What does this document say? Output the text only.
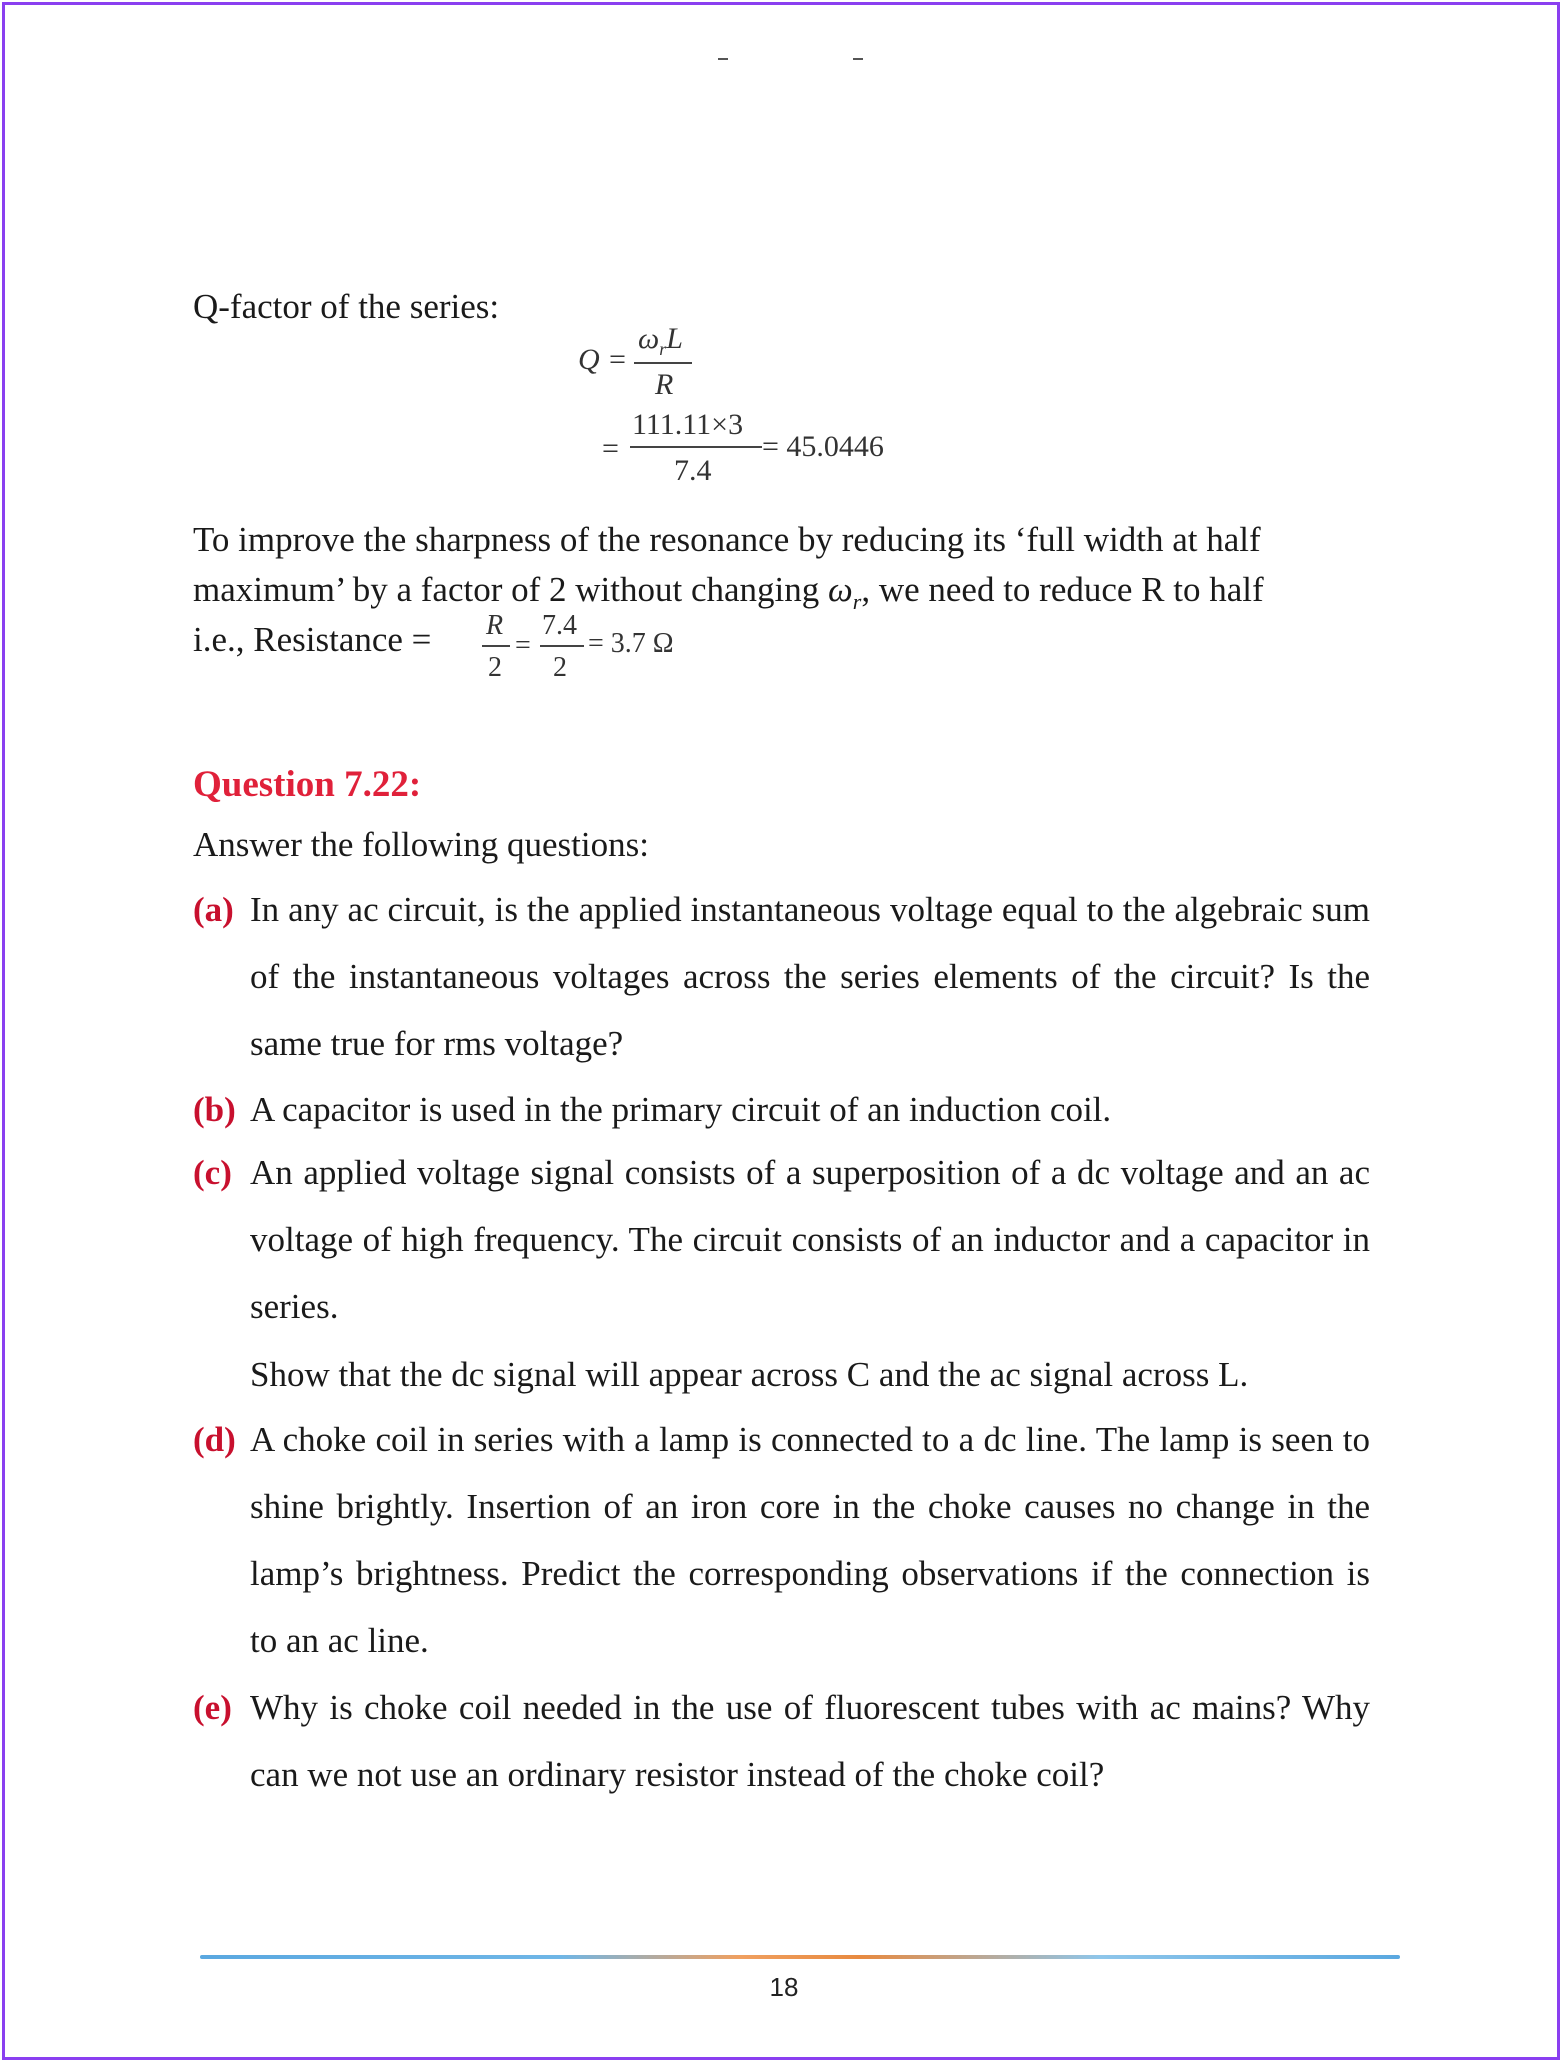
Q-factor of the series:
Q =
$\omega_rL$
R
=
111.11×3
7.4
= 45.0446
To improve the sharpness of the resonance by reducing its ‘full width at half
maximum’ by a factor of 2 without changing $\omega_r$, we need to reduce R to half
i.e., Resistance = R
2
=
7.4
2
= 3.7 Ω
Question 7.22:
Answer the following questions:
(a) In any ac circuit, is the applied instantaneous voltage equal to the algebraic sum of the instantaneous voltages across the series elements of the circuit? Is the same true for rms voltage?
(b) A capacitor is used in the primary circuit of an induction coil.
(c) An applied voltage signal consists of a superposition of a dc voltage and an ac voltage of high frequency. The circuit consists of an inductor and a capacitor in series.
Show that the dc signal will appear across C and the ac signal across L.
(d) A choke coil in series with a lamp is connected to a dc line. The lamp is seen to shine brightly. Insertion of an iron core in the choke causes no change in the lamp’s brightness. Predict the corresponding observations if the connection is to an ac line.
(e) Why is choke coil needed in the use of fluorescent tubes with ac mains? Why can we not use an ordinary resistor instead of the choke coil?
18
